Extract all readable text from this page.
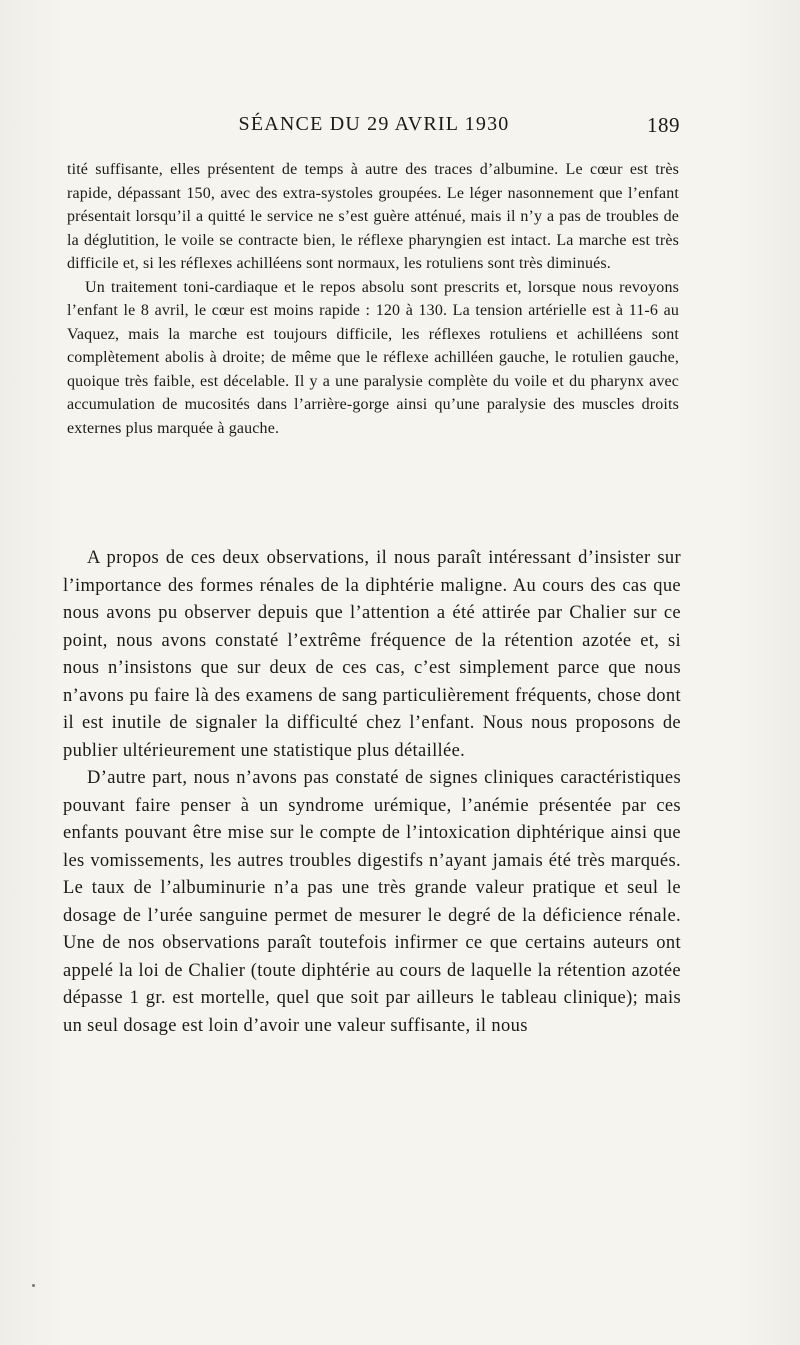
SÉANCE DU 29 AVRIL 1930	189

tité suffisante, elles présentent de temps à autre des traces d’albumine. Le cœur est très rapide, dépassant 150, avec des extra-systoles groupées. Le léger nasonnement que l’enfant présentait lorsqu’il a quitté le service ne s’est guère atténué, mais il n’y a pas de troubles de la déglutition, le voile se contracte bien, le réflexe pharyngien est intact. La marche est très difficile et, si les réflexes achilléens sont normaux, les rotuliens sont très diminués.

Un traitement toni-cardiaque et le repos absolu sont prescrits et, lorsque nous revoyons l’enfant le 8 avril, le cœur est moins rapide : 120 à 130. La tension artérielle est à 11-6 au Vaquez, mais la marche est toujours difficile, les réflexes rotuliens et achilléens sont complètement abolis à droite; de même que le réflexe achilléen gauche, le rotulien gauche, quoique très faible, est décelable. Il y a une paralysie complète du voile et du pharynx avec accumulation de mucosités dans l’arrière-gorge ainsi qu’une paralysie des muscles droits externes plus marquée à gauche.

A propos de ces deux observations, il nous paraît intéressant d’insister sur l’importance des formes rénales de la diphtérie maligne. Au cours des cas que nous avons pu observer depuis que l’attention a été attirée par Chalier sur ce point, nous avons constaté l’extrême fréquence de la rétention azotée et, si nous n’insistons que sur deux de ces cas, c’est simplement parce que nous n’avons pu faire là des examens de sang particulièrement fréquents, chose dont il est inutile de signaler la difficulté chez l’enfant. Nous nous proposons de publier ultérieurement une statistique plus détaillée.

D’autre part, nous n’avons pas constaté de signes cliniques caractéristiques pouvant faire penser à un syndrome urémique, l’anémie présentée par ces enfants pouvant être mise sur le compte de l’intoxication diphtérique ainsi que les vomissements, les autres troubles digestifs n’ayant jamais été très marqués. Le taux de l’albuminurie n’a pas une très grande valeur pratique et seul le dosage de l’urée sanguine permet de mesurer le degré de la déficience rénale. Une de nos observations paraît toutefois infirmer ce que certains auteurs ont appelé la loi de Chalier (toute diphtérie au cours de laquelle la rétention azotée dépasse 1 gr. est mortelle, quel que soit par ailleurs le tableau clinique); mais un seul dosage est loin d’avoir une valeur suffisante, il nous
